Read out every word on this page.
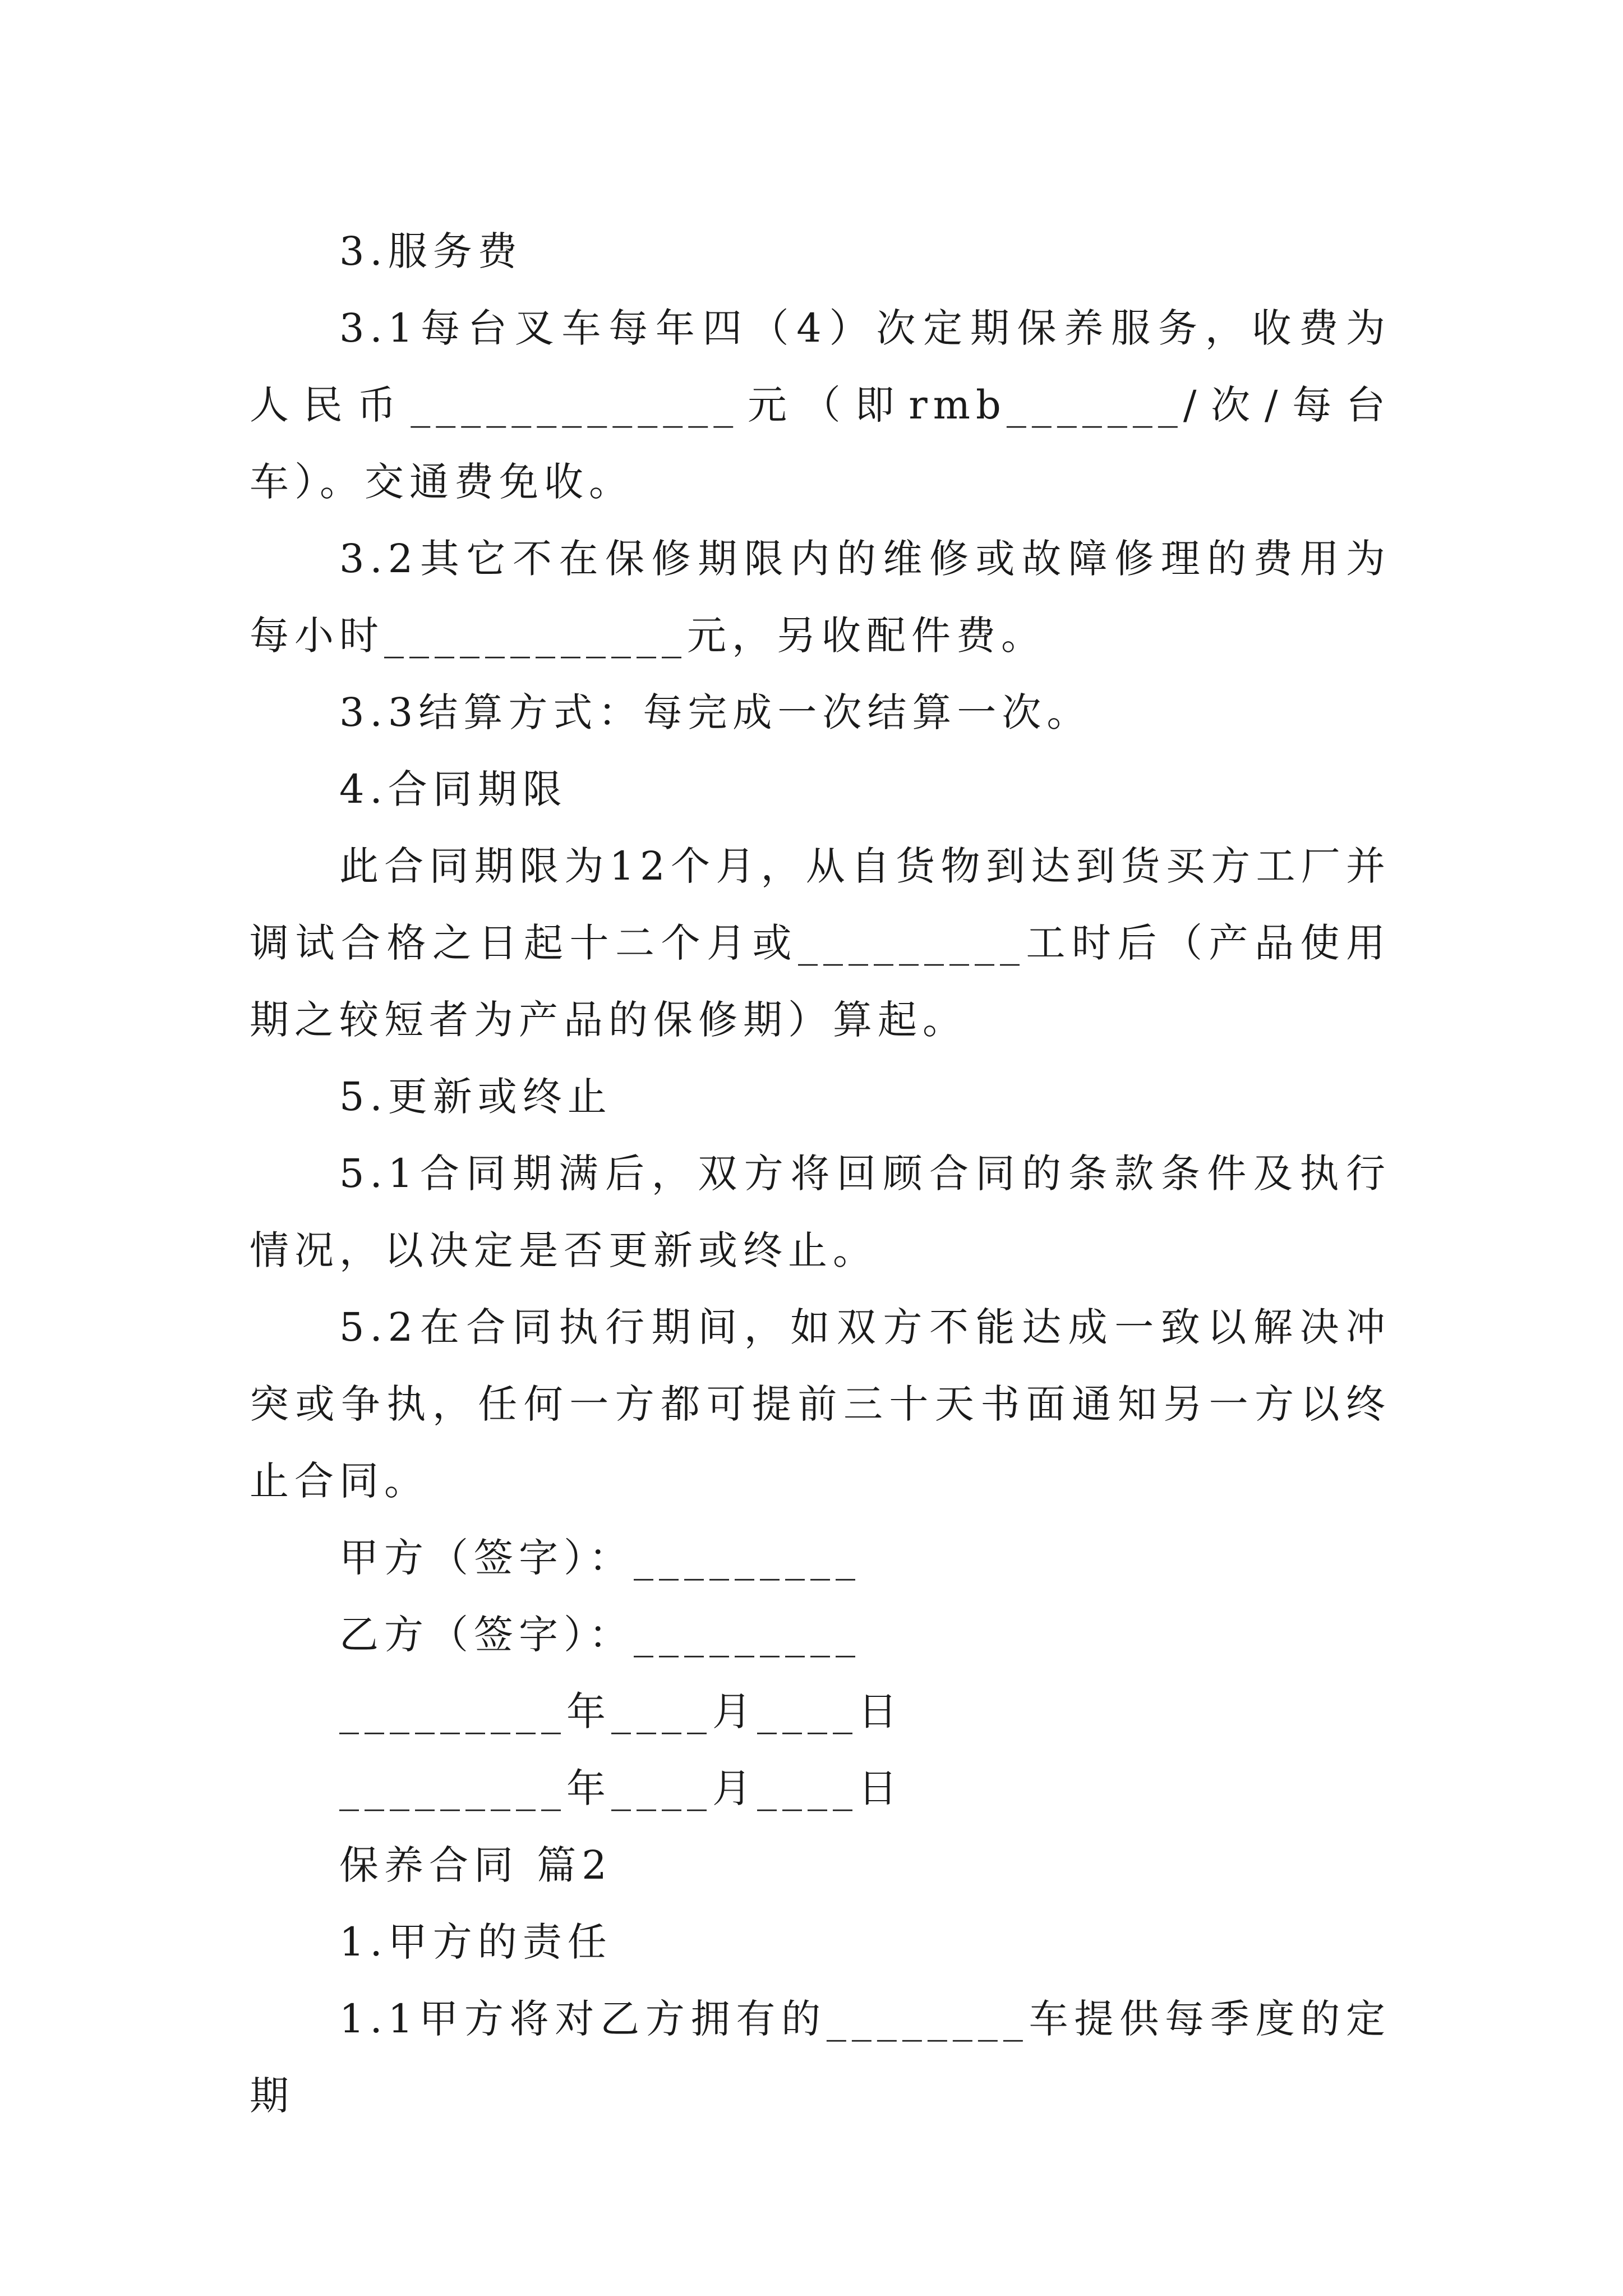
3.服务费

3.1每台叉车每年四（4）次定期保养服务，收费为人民币_____________元（即rmb_______/次/每台车）。交通费免收。

3.2其它不在保修期限内的维修或故障修理的费用为每小时____________元，另收配件费。

3.3结算方式：每完成一次结算一次。

4.合同期限

此合同期限为12个月，从自货物到达到货买方工厂并调试合格之日起十二个月或_________工时后（产品使用期之较短者为产品的保修期）算起。

5.更新或终止

5.1合同期满后，双方将回顾合同的条款条件及执行情况，以决定是否更新或终止。

5.2在合同执行期间，如双方不能达成一致以解决冲突或争执，任何一方都可提前三十天书面通知另一方以终止合同。

甲方（签字）：_________

乙方（签字）：_________

_________年____月____日

_________年____月____日

保养合同 篇2

1.甲方的责任

1.1甲方将对乙方拥有的________车提供每季度的定期
